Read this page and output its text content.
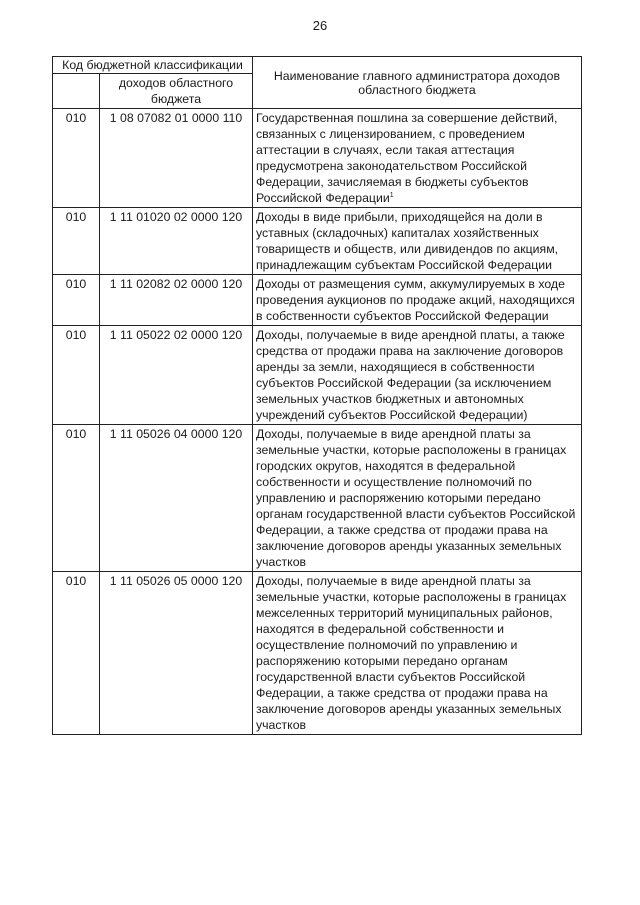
26
Код бюджетной классификации		Наименование главного администратора доходов областного бюджета
	доходов областного бюджета	
010	1 08 07082 01 0000 110	Государственная пошлина за совершение действий, связанных с лицензированием, с проведением аттестации в случаях, если такая аттестация предусмотрена законодательством Российской Федерации, зачисляемая в бюджеты субъектов Российской Федерации$^1$
010	1 11 01020 02 0000 120	Доходы в виде прибыли, приходящейся на доли в уставных (складочных) капиталах хозяйственных товариществ и обществ, или дивидендов по акциям, принадлежащим субъектам Российской Федерации
010	1 11 02082 02 0000 120	Доходы от размещения сумм, аккумулируемых в ходе проведения аукционов по продаже акций, находящихся в собственности субъектов Российской Федерации
010	1 11 05022 02 0000 120	Доходы, получаемые в виде арендной платы, а также средства от продажи права на заключение договоров аренды за земли, находящиеся в собственности субъектов Российской Федерации (за исключением земельных участков бюджетных и автономных учреждений субъектов Российской Федерации)
010	1 11 05026 04 0000 120	Доходы, получаемые в виде арендной платы за земельные участки, которые расположены в границах городских округов, находятся в федеральной собственности и осуществление полномочий по управлению и распоряжению которыми передано органам государственной власти субъектов Российской Федерации, а также средства от продажи права на заключение договоров аренды указанных земельных участков
010	1 11 05026 05 0000 120	Доходы, получаемые в виде арендной платы за земельные участки, которые расположены в границах межселенных территорий муниципальных районов, находятся в федеральной собственности и осуществление полномочий по управлению и распоряжению которыми передано органам государственной власти субъектов Российской Федерации, а также средства от продажи права на заключение договоров аренды указанных земельных участков
